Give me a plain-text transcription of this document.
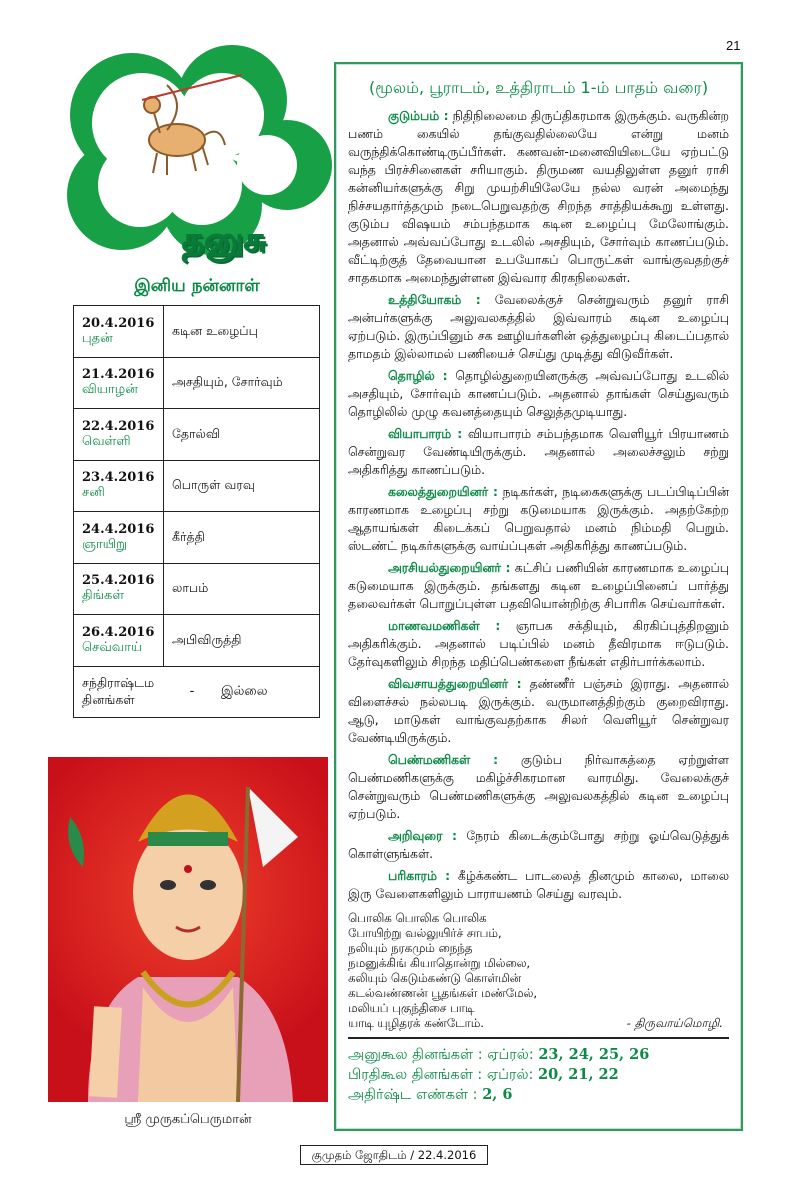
21
தனுசு
இனிய நன்னாள்
20.4.2016
புதன்	கடின உழைப்பு

21.4.2016
வியாழன்	அசதியும், சோர்வும்

22.4.2016
வெள்ளி	தோல்வி

23.4.2016
சனி	பொருள் வரவு

24.4.2016
ஞாயிறு	கீர்த்தி

25.4.2016
திங்கள்	லாபம்

26.4.2016
செவ்வாய்	அபிவிருத்தி

சந்திராஷ்டம தினங்கள் - இல்லை	
ஸ்ரீ முருகப்பெருமான்
(மூலம், பூராடம், உத்திராடம் 1-ம் பாதம் வரை)

குடும்பம் : நிதிநிலைமை திருப்திகரமாக இருக்கும். வருகின்ற பணம் கையில் தங்குவதில்லையே என்று மனம் வருந்திக்கொண்டிருப்பீர்கள். கணவன்-மனைவியிடையே ஏற்பட்டு வந்த பிரச்சினைகள் சரியாகும். திருமண வயதிலுள்ள தனுர் ராசி கன்னியர்களுக்கு சிறு முயற்சியிலேயே நல்ல வரன் அமைந்து நிச்சயதார்த்தமும் நடைபெறுவதற்கு சிறந்த சாத்தியக்கூறு உள்ளது. குடும்ப விஷயம் சம்பந்தமாக கடின உழைப்பு மேலோங்கும். அதனால் அவ்வப்போது உடலில் அசதியும், சோர்வும் காணப்படும். வீட்டிற்குத் தேவையான உபயோகப் பொருட்கள் வாங்குவதற்குச் சாதகமாக அமைந்துள்ளன இவ்வார கிரகநிலைகள்.

உத்தியோகம் : வேலைக்குச் சென்றுவரும் தனுர் ராசி அன்பர்களுக்கு அலுவலகத்தில் இவ்வாரம் கடின உழைப்பு ஏற்படும். இருப்பினும் சக ஊழியர்களின் ஒத்துழைப்பு கிடைப்பதால் தாமதம் இல்லாமல் பணியைச் செய்து முடித்து விடுவீர்கள்.

தொழில் : தொழில்துறையினருக்கு அவ்வப்போது உடலில் அசதியும், சோர்வும் காணப்படும். அதனால் தாங்கள் செய்துவரும் தொழிலில் முழு கவனத்தையும் செலுத்தமுடியாது.

வியாபாரம் : வியாபாரம் சம்பந்தமாக வெளியூர் பிரயாணம் சென்றுவர வேண்டியிருக்கும். அதனால் அலைச்சலும் சற்று அதிகரித்து காணப்படும்.

கலைத்துறையினர் : நடிகர்கள், நடிகைகளுக்கு படப்பிடிப்பின் காரணமாக உழைப்பு சற்று கடுமையாக இருக்கும். அதற்கேற்ற ஆதாயங்கள் கிடைக்கப் பெறுவதால் மனம் நிம்மதி பெறும். ஸ்டண்ட் நடிகர்களுக்கு வாய்ப்புகள் அதிகரித்து காணப்படும்.

அரசியல்துறையினர் : கட்சிப் பணியின் காரணமாக உழைப்பு கடுமையாக இருக்கும். தங்களது கடின உழைப்பினைப் பார்த்து தலைவர்கள் பொறுப்புள்ள பதவியொன்றிற்கு சிபாரிசு செய்வார்கள்.

மாணவமணிகள் : ஞாபக சக்தியும், கிரகிப்புத்திறனும் அதிகரிக்கும். அதனால் படிப்பில் மனம் தீவிரமாக ஈடுபடும். தேர்வுகளிலும் சிறந்த மதிப்பெண்களை நீங்கள் எதிர்பார்க்கலாம்.

விவசாயத்துறையினர் : தண்ணீர் பஞ்சம் இராது. அதனால் விளைச்சல் நல்லபடி இருக்கும். வருமானத்திற்கும் குறைவிராது. ஆடு, மாடுகள் வாங்குவதற்காக சிலர் வெளியூர் சென்றுவர வேண்டியிருக்கும்.

பெண்மணிகள் : குடும்ப நிர்வாகத்தை ஏற்றுள்ள பெண்மணிகளுக்கு மகிழ்ச்சிகரமான வாரமிது. வேலைக்குச் சென்றுவரும் பெண்மணிகளுக்கு அலுவலகத்தில் கடின உழைப்பு ஏற்படும்.

அறிவுரை : நேரம் கிடைக்கும்போது சற்று ஓய்வெடுத்துக் கொள்ளுங்கள்.

பரிகாரம் : கீழ்க்கண்ட பாடலைத் தினமும் காலை, மாலை இரு வேளைகளிலும் பாராயணம் செய்து வரவும்.

பொலிக பொலிக பொலிக
போயிற்று வல்லுயிர்ச் சாபம்,
நலியும் நரகமும் நைந்த
நமனுக்கிங் கியாதொன்று மில்லை,
கலியும் கெடும்கண்டு கொள்மின்
கடல்வண்ணன் பூதங்கள் மண்மேல்,
மலியப் புகுந்திசை பாடி
யாடி யுழிதரக் கண்டோம்.	- திருவாய்மொழி.
அனுகூல தினங்கள் : ஏப்ரல்: 23, 24, 25, 26
பிரதிகூல தினங்கள் : ஏப்ரல்: 20, 21, 22
அதிர்ஷ்ட எண்கள் : 2, 6
குமுதம் ஜோதிடம் / 22.4.2016
